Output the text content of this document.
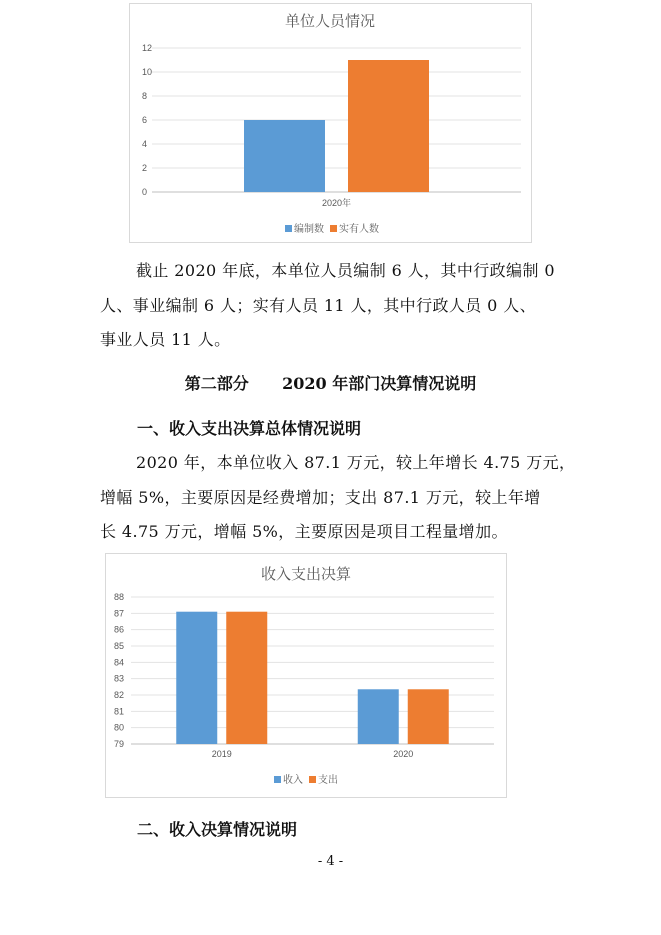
单位人员情况
0
2
4
6
8
10
12
2020年
编制数 实有人数
截止 2020 年底，本单位人员编制 6 人，其中行政编制 0
人、事业编制 6 人；实有人员 11 人，其中行政人员 0 人、
事业人员 11 人。
第二部分      2020 年部门决算情况说明
一、收入支出决算总体情况说明
2020 年，本单位收入 87.1 万元，较上年增长 4.75 万元，
增幅 5%，主要原因是经费增加；支出 87.1 万元，较上年增
长 4.75 万元，增幅 5%，主要原因是项目工程量增加。
收入支出决算
79
80
81
82
83
84
85
86
87
88
2019	2020
收入 支出
二、收入决算情况说明
- 4 -
